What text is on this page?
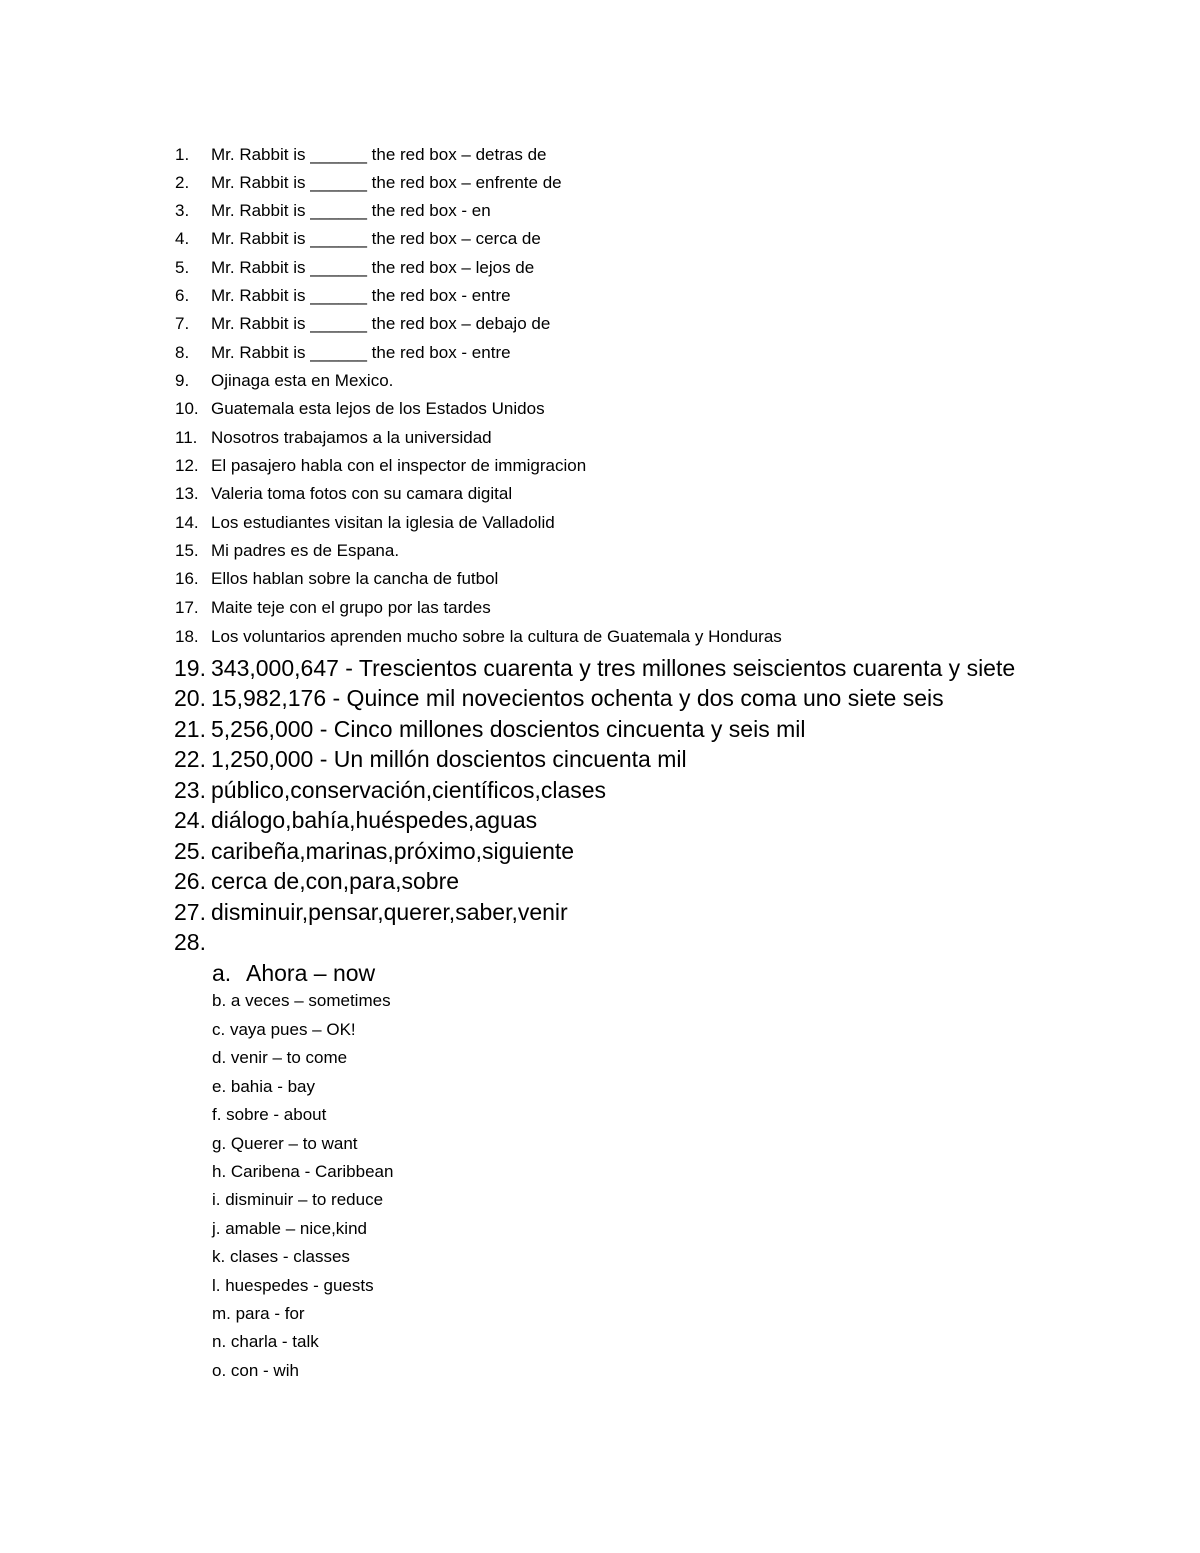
1. Mr. Rabbit is ______ the red box – detras de
2. Mr. Rabbit is ______ the red box – enfrente de
3. Mr. Rabbit is ______ the red box - en
4. Mr. Rabbit is ______ the red box – cerca de
5. Mr. Rabbit is ______ the red box – lejos de
6. Mr. Rabbit is ______ the red box - entre
7. Mr. Rabbit is ______ the red box – debajo de
8. Mr. Rabbit is ______ the red box - entre
9. Ojinaga esta en Mexico.
10. Guatemala esta lejos de los Estados Unidos
11. Nosotros trabajamos a la universidad
12. El pasajero habla con el inspector de immigracion
13. Valeria toma fotos con su camara digital
14. Los estudiantes visitan la iglesia de Valladolid
15. Mi padres es de Espana.
16. Ellos hablan sobre la cancha de futbol
17. Maite teje con el grupo por las tardes
18. Los voluntarios aprenden mucho sobre la cultura de Guatemala y Honduras
19. 343,000,647 - Trescientos cuarenta y tres millones seiscientos cuarenta y siete
20. 15,982,176 - Quince mil novecientos ochenta y dos coma uno siete seis
21. 5,256,000 - Cinco millones doscientos cincuenta y seis mil
22. 1,250,000 - Un millón doscientos cincuenta mil
23. público,conservación,científicos,clases
24. diálogo,bahía,huéspedes,aguas
25. caribeña,marinas,próximo,siguiente
26. cerca de,con,para,sobre
27. disminuir,pensar,querer,saber,venir
28.
a. Ahora – now
b. a veces – sometimes
c. vaya pues – OK!
d. venir – to come
e. bahia - bay
f. sobre - about
g. Querer – to want
h. Caribena - Caribbean
i. disminuir – to reduce
j. amable – nice,kind
k. clases - classes
l. huespedes - guests
m. para - for
n. charla - talk
o. con - wih
